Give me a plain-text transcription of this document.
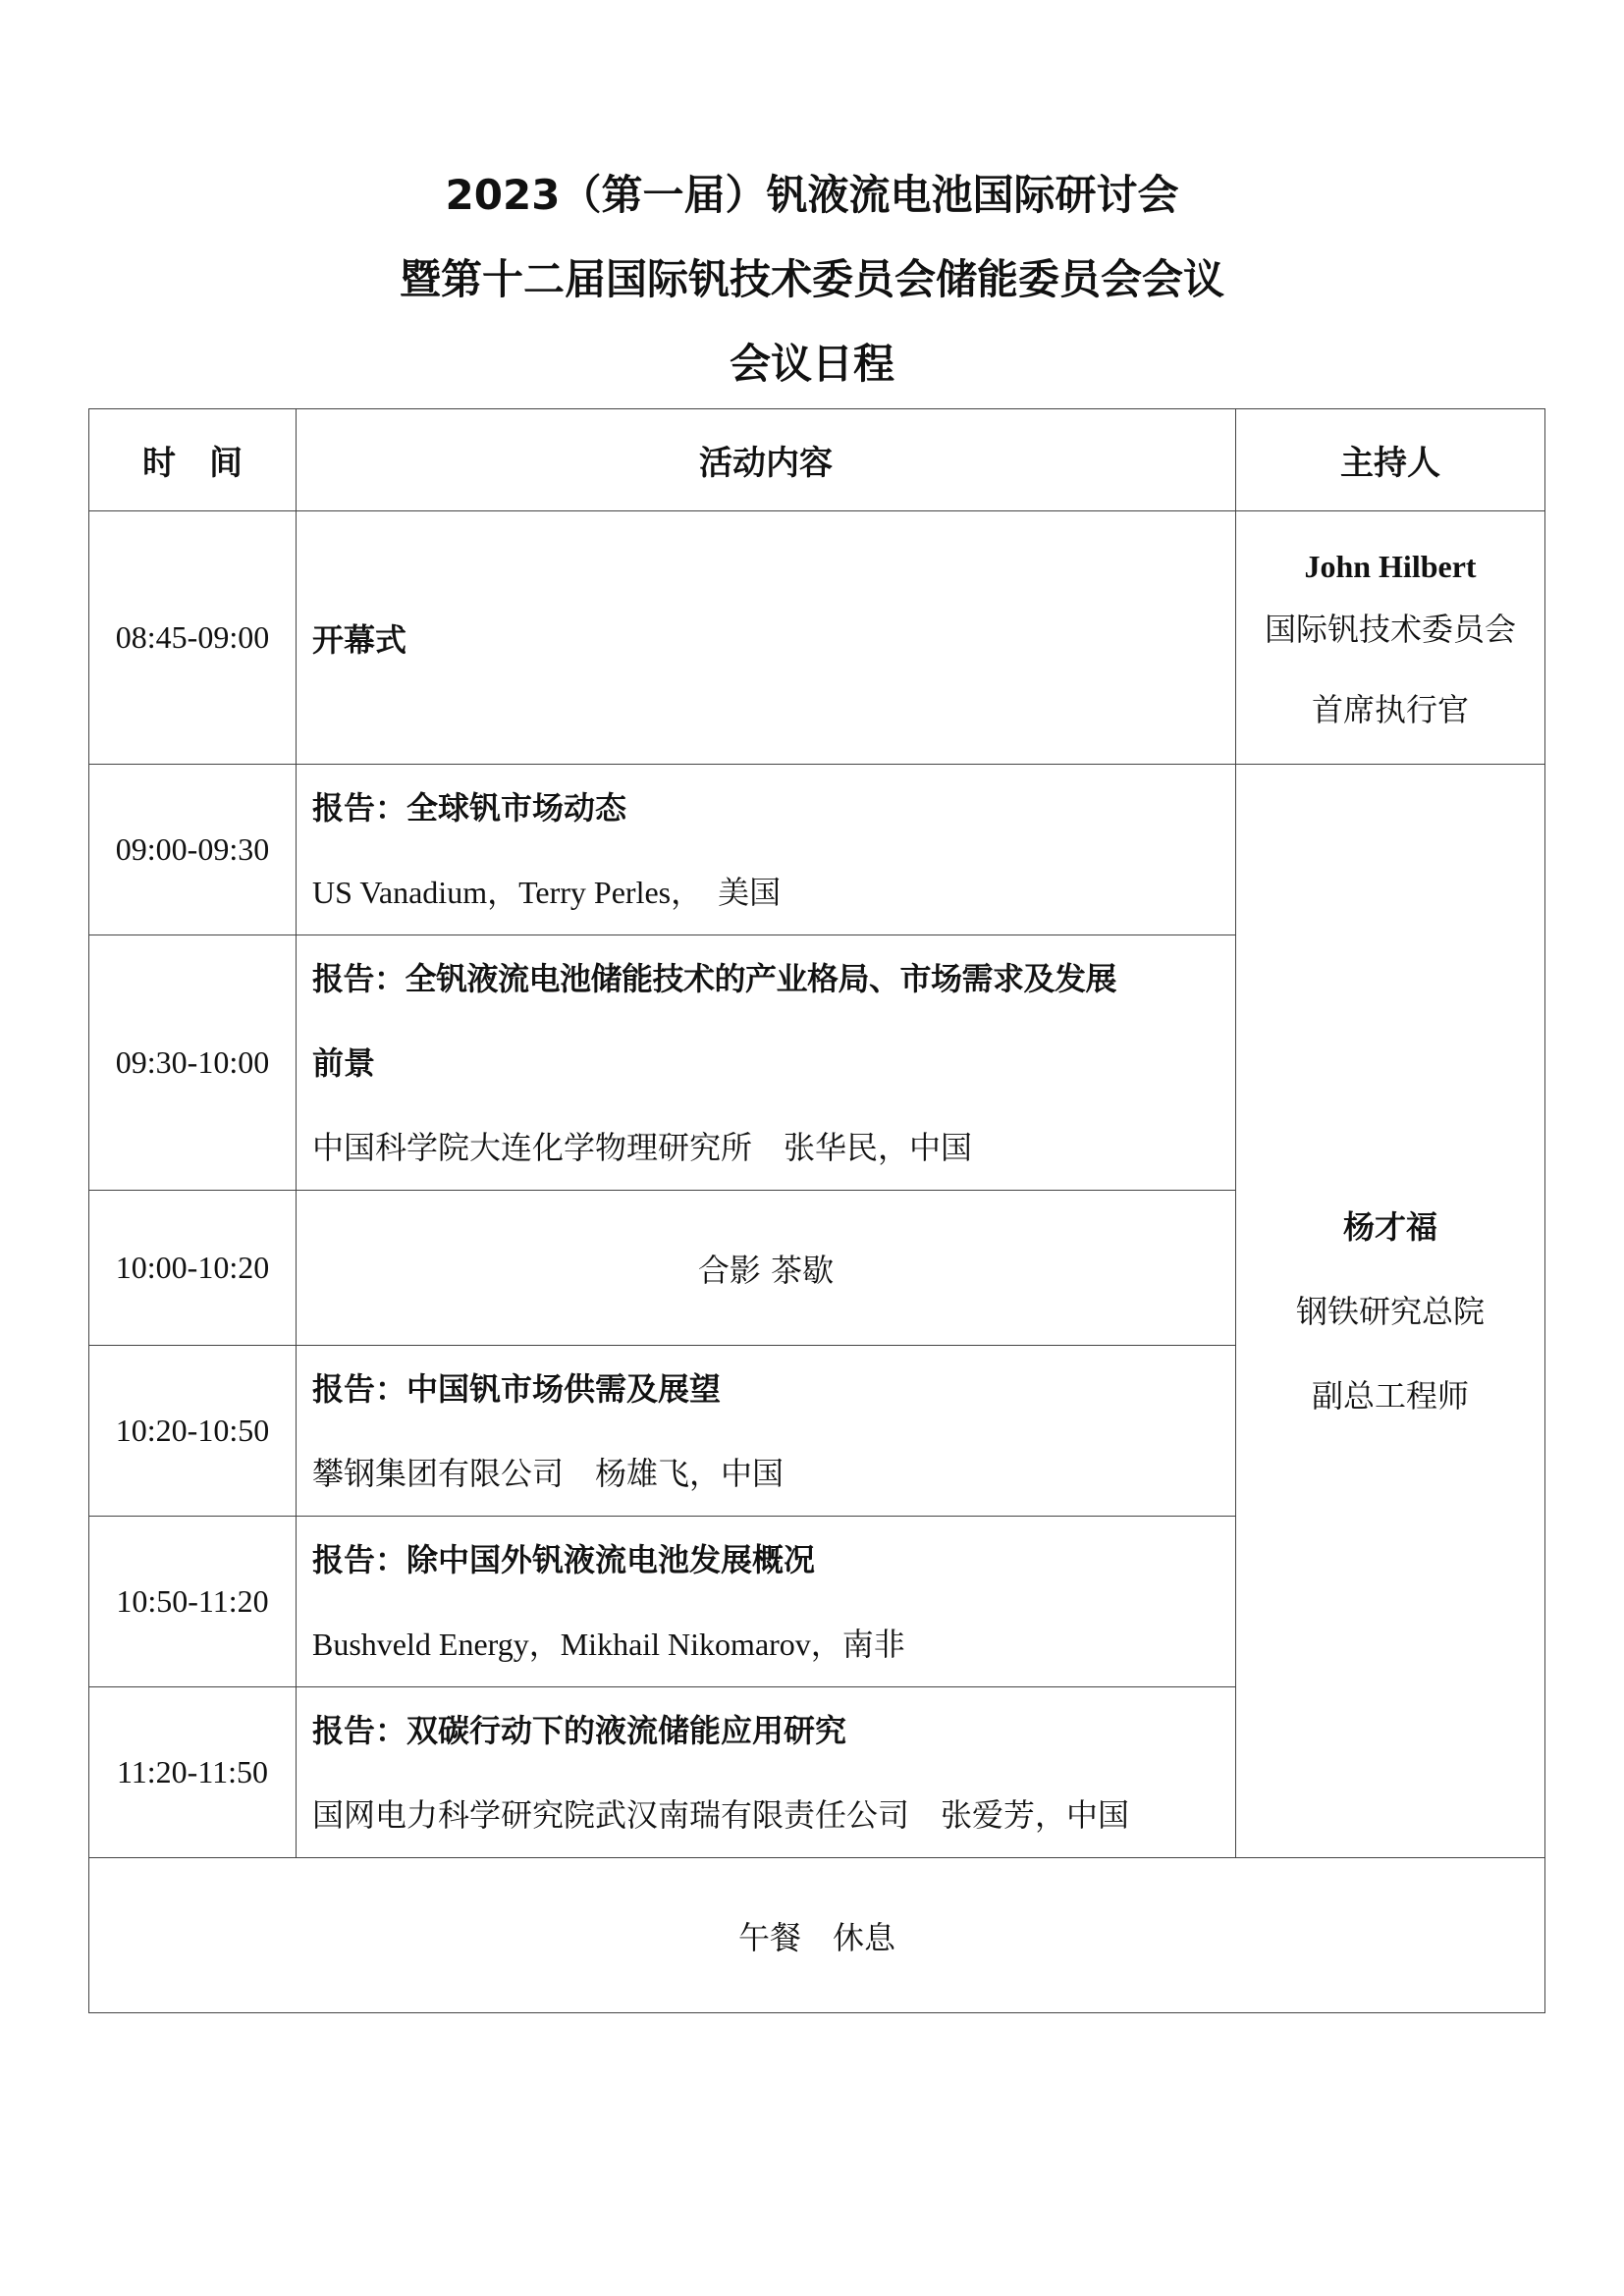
2023（第一届）钒液流电池国际研讨会
暨第十二届国际钒技术委员会储能委员会会议
会议日程
时　间	活动内容	主持人
08:45-09:00	开幕式	John Hilbert
国际钒技术委员会
首席执行官

09:00-09:30	报告：全球钒市场动态
US Vanadium，Terry Perles，　美国	杨才福
钢铁研究总院
副总工程师

09:30-10:00	报告：全钒液流电池储能技术的产业格局、市场需求及发展
前景
中国科学院大连化学物理研究所　张华民，中国	

10:00-10:20	合影 茶歇	
10:20-10:50	报告：中国钒市场供需及展望
攀钢集团有限公司　杨雄飞，中国	

10:50-11:20	报告：除中国外钒液流电池发展概况
Bushveld Energy，Mikhail Nikomarov，南非	

11:20-11:50	报告：双碳行动下的液流储能应用研究
国网电力科学研究院武汉南瑞有限责任公司　张爱芳，中国	

午餐　休息		
